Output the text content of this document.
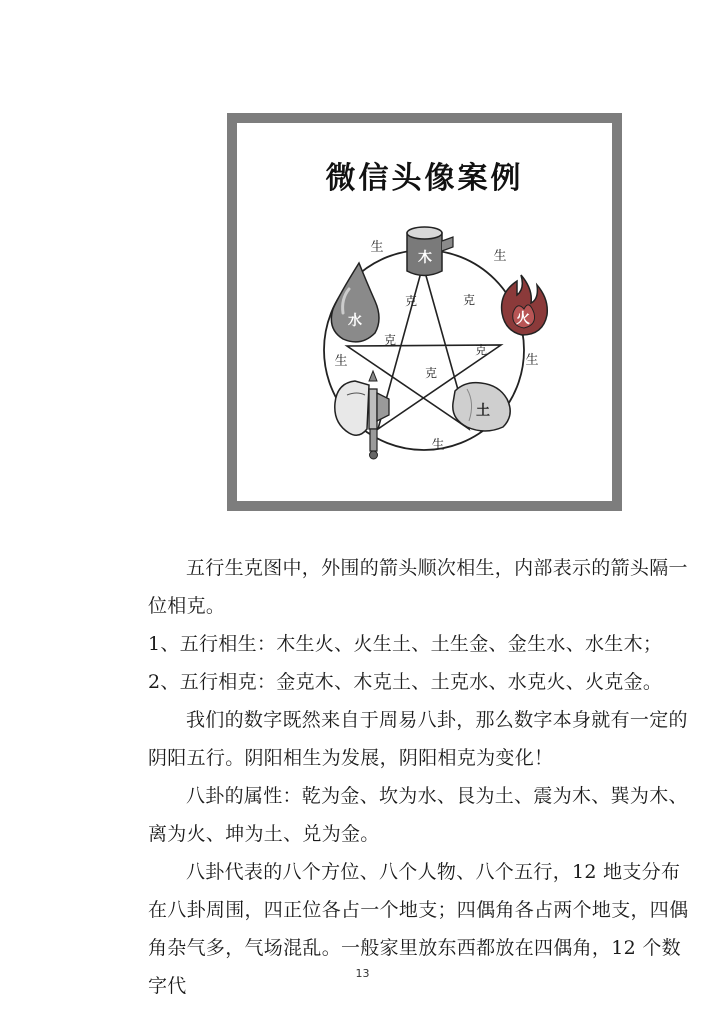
微信头像案例
木
火
土
水
生
生
生
生
生
克	克
克
克
克

五行生克图中，外围的箭头顺次相生，内部表示的箭头隔一位相克。

1、五行相生：木生火、火生土、土生金、金生水、水生木；

2、五行相克：金克木、木克土、土克水、水克火、火克金。

我们的数字既然来自于周易八卦，那么数字本身就有一定的阴阳五行。阴阳相生为发展，阴阳相克为变化！

八卦的属性：乾为金、坎为水、艮为土、震为木、巽为木、离为火、坤为土、兑为金。

八卦代表的八个方位、八个人物、八个五行，12 地支分布在八卦周围，四正位各占一个地支；四偶角各占两个地支，四偶角杂气多，气场混乱。一般家里放东西都放在四偶角，12 个数字代

13
